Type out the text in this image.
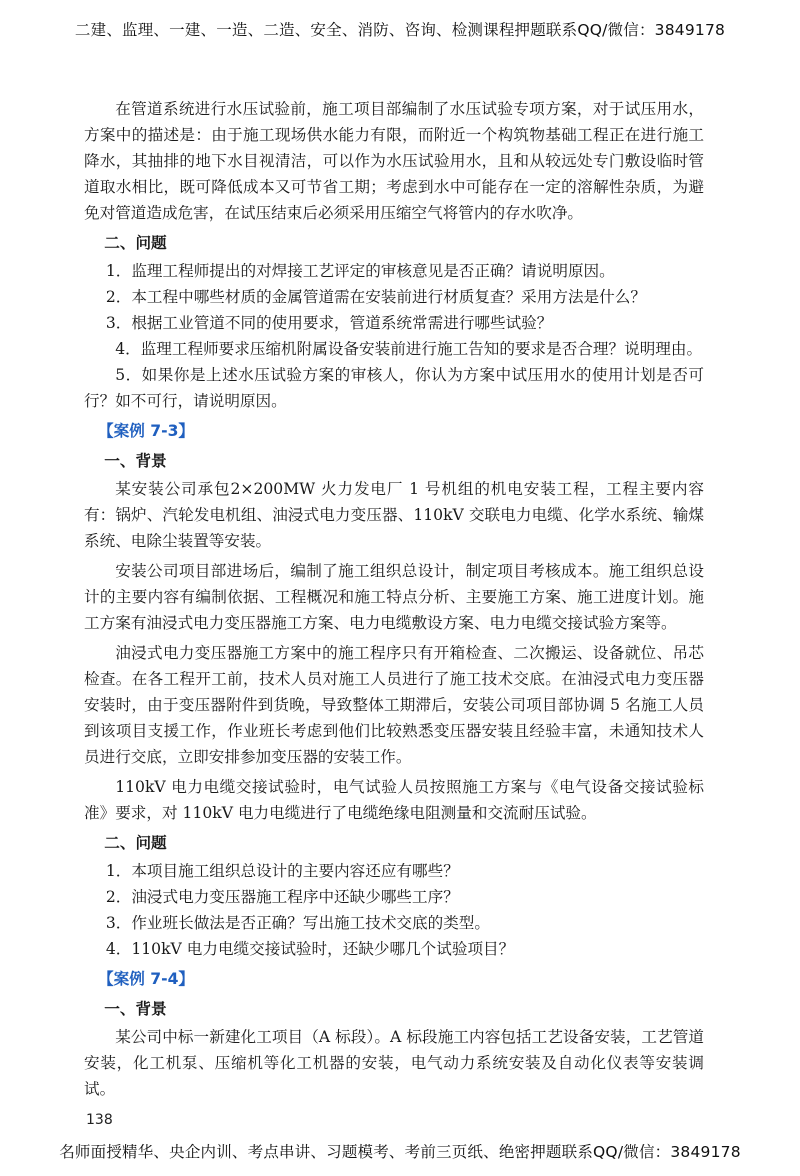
二建、监理、一建、一造、二造、安全、消防、咨询、检测课程押题联系QQ/微信：3849178

在管道系统进行水压试验前，施工项目部编制了水压试验专项方案，对于试压用水，方案中的描述是：由于施工现场供水能力有限，而附近一个构筑物基础工程正在进行施工降水，其抽排的地下水目视清洁，可以作为水压试验用水，且和从较远处专门敷设临时管道取水相比，既可降低成本又可节省工期；考虑到水中可能存在一定的溶解性杂质，为避免对管道造成危害，在试压结束后必须采用压缩空气将管内的存水吹净。

二、问题

1．监理工程师提出的对焊接工艺评定的审核意见是否正确？请说明原因。

2．本工程中哪些材质的金属管道需在安装前进行材质复查？采用方法是什么？

3．根据工业管道不同的使用要求，管道系统常需进行哪些试验？

4．监理工程师要求压缩机附属设备安装前进行施工告知的要求是否合理？说明理由。

5．如果你是上述水压试验方案的审核人，你认为方案中试压用水的使用计划是否可行？如不可行，请说明原因。

【案例 7-3】

一、背景

某安装公司承包2×200MW 火力发电厂 1 号机组的机电安装工程，工程主要内容有：锅炉、汽轮发电机组、油浸式电力变压器、110kV 交联电力电缆、化学水系统、输煤系统、电除尘装置等安装。

安装公司项目部进场后，编制了施工组织总设计，制定项目考核成本。施工组织总设计的主要内容有编制依据、工程概况和施工特点分析、主要施工方案、施工进度计划。施工方案有油浸式电力变压器施工方案、电力电缆敷设方案、电力电缆交接试验方案等。

油浸式电力变压器施工方案中的施工程序只有开箱检查、二次搬运、设备就位、吊芯检查。在各工程开工前，技术人员对施工人员进行了施工技术交底。在油浸式电力变压器安装时，由于变压器附件到货晚，导致整体工期滞后，安装公司项目部协调 5 名施工人员到该项目支援工作，作业班长考虑到他们比较熟悉变压器安装且经验丰富，未通知技术人员进行交底，立即安排参加变压器的安装工作。

110kV 电力电缆交接试验时，电气试验人员按照施工方案与《电气设备交接试验标准》要求，对 110kV 电力电缆进行了电缆绝缘电阻测量和交流耐压试验。

二、问题

1．本项目施工组织总设计的主要内容还应有哪些？

2．油浸式电力变压器施工程序中还缺少哪些工序？

3．作业班长做法是否正确？写出施工技术交底的类型。

4．110kV 电力电缆交接试验时，还缺少哪几个试验项目？

【案例 7-4】

一、背景

某公司中标一新建化工项目（A 标段）。A 标段施工内容包括工艺设备安装，工艺管道安装，化工机泵、压缩机等化工机器的安装，电气动力系统安装及自动化仪表等安装调试。

138
名师面授精华、央企内训、考点串讲、习题模考、考前三页纸、绝密押题联系QQ/微信：3849178
